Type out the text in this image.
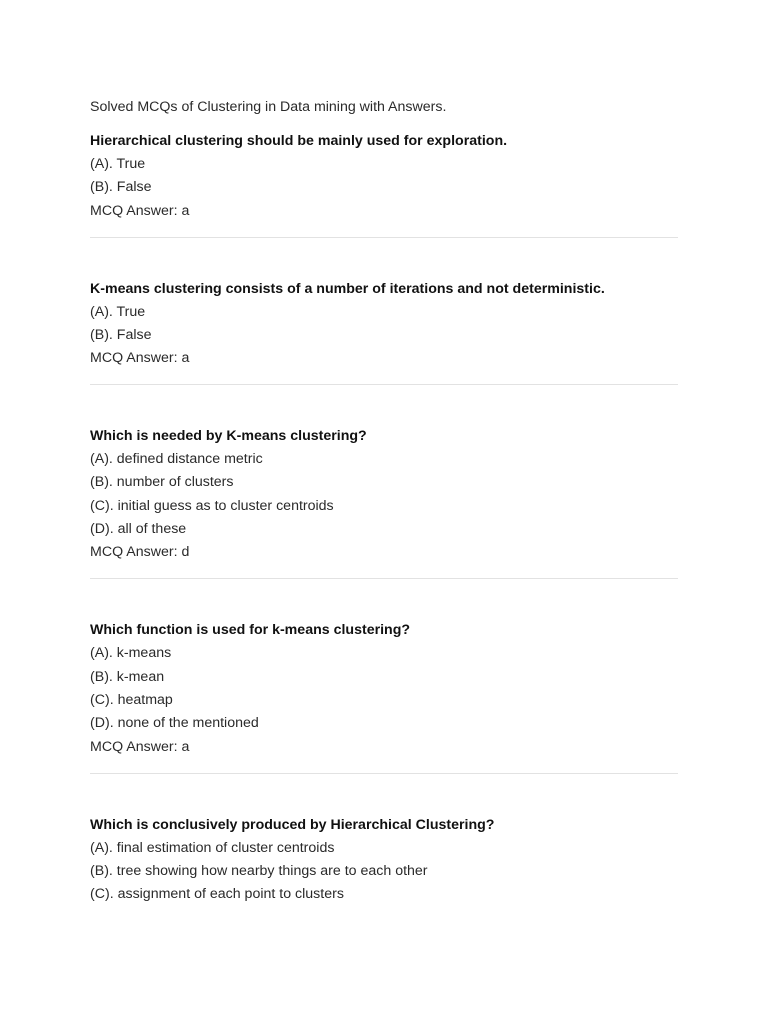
Solved MCQs of Clustering in Data mining with Answers.

Hierarchical clustering should be mainly used for exploration.

(A). True

(B). False

MCQ Answer: a

K-means clustering consists of a number of iterations and not deterministic.

(A). True

(B). False

MCQ Answer: a

Which is needed by K-means clustering?

(A). defined distance metric

(B). number of clusters

(C). initial guess as to cluster centroids

(D). all of these

MCQ Answer: d

Which function is used for k-means clustering?

(A). k-means

(B). k-mean

(C). heatmap

(D). none of the mentioned

MCQ Answer: a

Which is conclusively produced by Hierarchical Clustering?

(A). final estimation of cluster centroids

(B). tree showing how nearby things are to each other

(C). assignment of each point to clusters
